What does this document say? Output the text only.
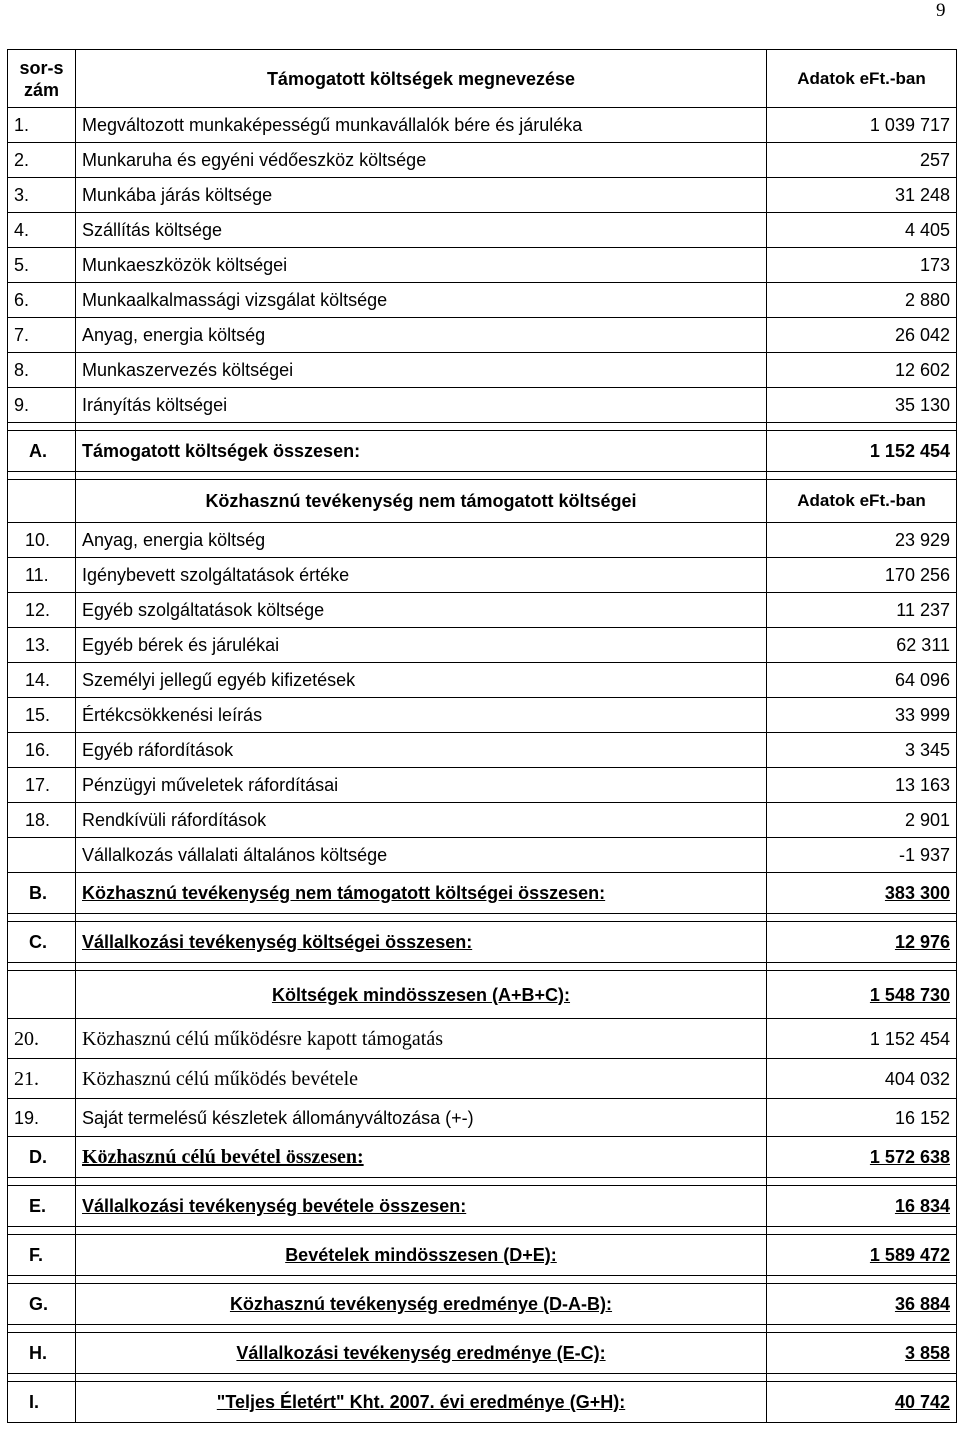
9
sor-szám	Támogatott költségek megnevezése	Adatok eFt.-ban
1.	Megváltozott munkaképességű munkavállalók bére és járuléka	1 039 717
2.	Munkaruha és egyéni védőeszköz költsége	257
3.	Munkába járás költsége	31 248
4.	Szállítás költsége	4 405
5.	Munkaeszközök költségei	173
6.	Munkaalkalmassági vizsgálat költsége	2 880
7.	Anyag, energia költség	26 042
8.	Munkaszervezés költségei	12 602
9.	Irányítás költségei	35 130

A.	Támogatott költségek összesen:	1 152 454

	Közhasznú tevékenység nem támogatott költségei	Adatok eFt.-ban
10.	Anyag, energia költség	23 929
11.	Igénybevett szolgáltatások értéke	170 256
12.	Egyéb szolgáltatások költsége	11 237
13.	Egyéb bérek és járulékai	62 311
14.	Személyi jellegű egyéb kifizetések	64 096
15.	Értékcsökkenési leírás	33 999
16.	Egyéb ráfordítások	3 345
17.	Pénzügyi műveletek ráfordításai	13 163
18.	Rendkívüli ráfordítások	2 901
	Vállalkozás vállalati általános költsége	-1 937
B.	Közhasznú tevékenység nem támogatott költségei összesen:	383 300

C.	Vállalkozási tevékenység költségei összesen:	12 976

	Költségek mindösszesen (A+B+C):	1 548 730
20.	Közhasznú célú működésre kapott támogatás	1 152 454
21.	Közhasznú célú működés bevétele	404 032
19.	Saját termelésű készletek állományváltozása (+-)	16 152
D.	Közhasznú célú bevétel összesen:	1 572 638

E.	Vállalkozási tevékenység bevétele összesen:	16 834

F.	Bevételek mindösszesen (D+E):	1 589 472

G.	Közhasznú tevékenység eredménye (D-A-B):	36 884

H.	Vállalkozási tevékenység eredménye (E-C):	3 858

I.	"Teljes Életért" Kht. 2007. évi eredménye (G+H):	40 742
